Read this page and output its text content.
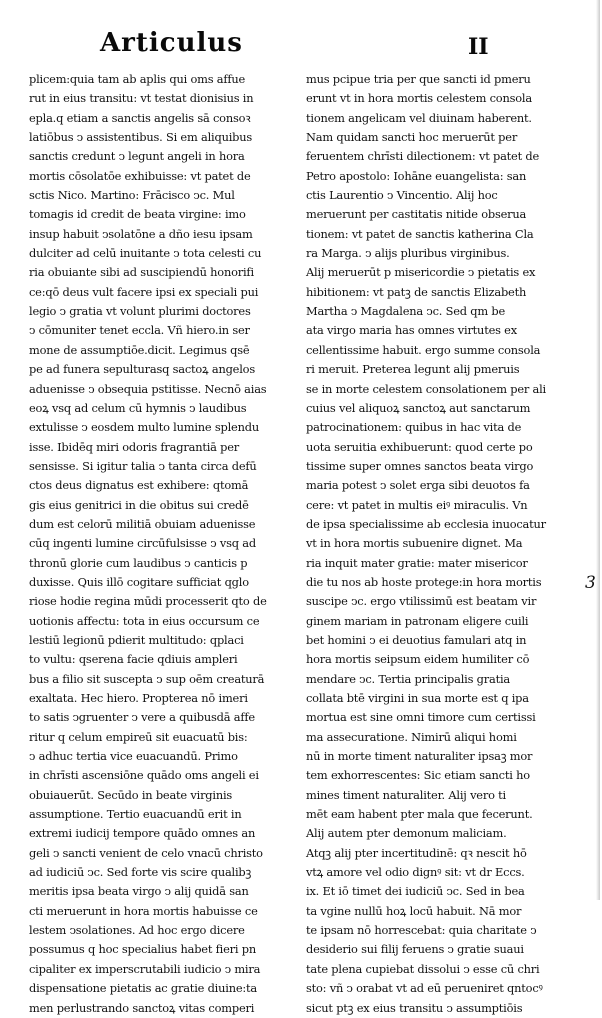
Articulus	II
plicem:quia tam ab aplis qui oms affue
rut in eius transitu: vt testat dionisius in
epla.q etiam a sanctis angelis sā consoꝛ
latiōbus ↄ assistentibus. Si em aliquibus
sanctis credunt ↄ legunt angeli in hora
mortis cōsolatōe exhibuisse: vt patet de
sctis Nico. Martino: Frācisco ↄc. Mul
tomagis id credit de beata virgine: imo
insup habuit ↄsolatōne a dño iesu ipsam
dulciter ad celū inuitante ↄ tota celesti cu
ria obuiante sibi ad suscipiendū honorifi
ce:qō deus vult facere ipsi ex speciali pui
legio ↄ gratia vt volunt plurimi doctores
ↄ cōmuniter tenet eccla. Vñ hiero.in ser
mone de assumptiōe.dicit. Legimus qsē
pe ad funera sepulturasq sactoꝝ angelos
aduenisse ↄ obsequia pstitisse. Necnō aias
eoꝝ vsq ad celum cū hymnis ↄ laudibus
extulisse ↄ eosdem multo lumine splendu
isse. Ibidēq miri odoris fragrantiā per
sensisse. Si igitur talia ↄ tanta circa defū
ctos deus dignatus est exhibere: qtomā
gis eius genitrici in die obitus sui credē
dum est celorū militiā obuiam aduenisse
cūq ingenti lumine circūfulsisse ↄ vsq ad
thronū glorie cum laudibus ↄ canticis p
duxisse. Quis illō cogitare sufficiat qglo
riose hodie regina mūdi processerit qto de
uotionis affectu: tota in eius occursum ce
lestiū legionū pdierit multitudo: qplaci
to vultu: qserena facie qdiuis ampleri
bus a filio sit suscepta ↄ sup oēm creaturā
exaltata. Hec hiero. Propterea nō imeri
to satis ↄgruenter ↄ vere a quibusdā affe
ritur q celum empireū sit euacuatū bis:
ↄ adhuc tertia vice euacuandū. Primo
in chrīsti ascensiōne quādo oms angeli ei
obuiauerūt. Secūdo in beate virginis
assumptione. Tertio euacuandū erit in
extremi iudicij tempore quādo omnes an
geli ↄ sancti venient de celo vnacū christo
ad iudiciū ↄc. Sed forte vis scire qualibꝫ
meritis ipsa beata virgo ↄ alij quidā san
cti meruerunt in hora mortis habuisse ce
lestem ↄsolationes. Ad hoc ergo dicere
possumus q hoc specialius habet fieri pn
cipaliter ex imperscrutabili iudicio ↄ mira
dispensatione pietatis ac gratie diuine:ta
men perlustrando sanctoꝝ vitas comperi
mus pcipue tria per que sancti id pmeru
erunt vt in hora mortis celestem consola
tionem angelicam vel diuinam haberent.
Nam quidam sancti hoc meruerūt per
feruentem chrīsti dilectionem: vt patet de
Petro apostolo: Iohāne euangelista: san
ctis Laurentio ↄ Vincentio. Alij hoc
meruerunt per castitatis nitide obserua
tionem: vt patet de sanctis katherina Cla
ra Marga. ↄ alijs pluribus virginibus.
Alij meruerūt p misericordie ↄ pietatis ex
hibitionem: vt patꝫ de sanctis Elizabeth
Martha ↄ Magdalena ↄc. Sed qm be
ata virgo maria has omnes virtutes ex
cellentissime habuit. ergo summe consola
ri meruit. Preterea legunt alij pmeruis
se in morte celestem consolationem per ali
cuius vel aliquoꝝ sanctoꝝ aut sanctarum
patrocinationem: quibus in hac vita de
uota seruitia exhibuerunt: quod certe po
tissime super omnes sanctos beata virgo
maria potest ↄ solet erga sibi deuotos fa
cere: vt patet in multis eiꝰ miraculis. Vn
de ipsa specialissime ab ecclesia inuocatur
vt in hora mortis subuenire dignet. Ma
ria inquit mater gratie: mater misericor
die tu nos ab hoste protege:in hora mortis
suscipe ↄc. ergo vtilissimū est beatam vir
ginem mariam in patronam eligere cuili
bet homini ↄ ei deuotius famulari atq in
hora mortis seipsum eidem humiliter cō
mendare ↄc. Tertia principalis gratia
collata btē virgini in sua morte est q ipa
mortua est sine omni timore cum certissi
ma assecuratione. Nimirū aliqui homi
nū in morte timent naturaliter ipsaꝫ mor
tem exhorrescentes: Sic etiam sancti ho
mines timent naturaliter. Alij vero ti
mēt eam habent pter mala que fecerunt.
Alij autem pter demonum maliciam.
Atqꝫ alij pter incertitudinē: qꝛ nescit hō
vtꝝ amore vel odio dignꝰ sit: vt dr Eccs.
ix. Et iō timet dei iudiciū ↄc. Sed in bea
ta vgine nullū hoꝝ locū habuit. Nā mor
te ipsam nō horrescebat: quia charitate ↄ
desiderio sui filij feruens ↄ gratie suaui
tate plena cupiebat dissolui ↄ esse cū chri
sto: vñ ↄ orabat vt ad eū perueniret qntocꝰ
sicut ptꝫ ex eius transitu ↄ assumptiōis
3
